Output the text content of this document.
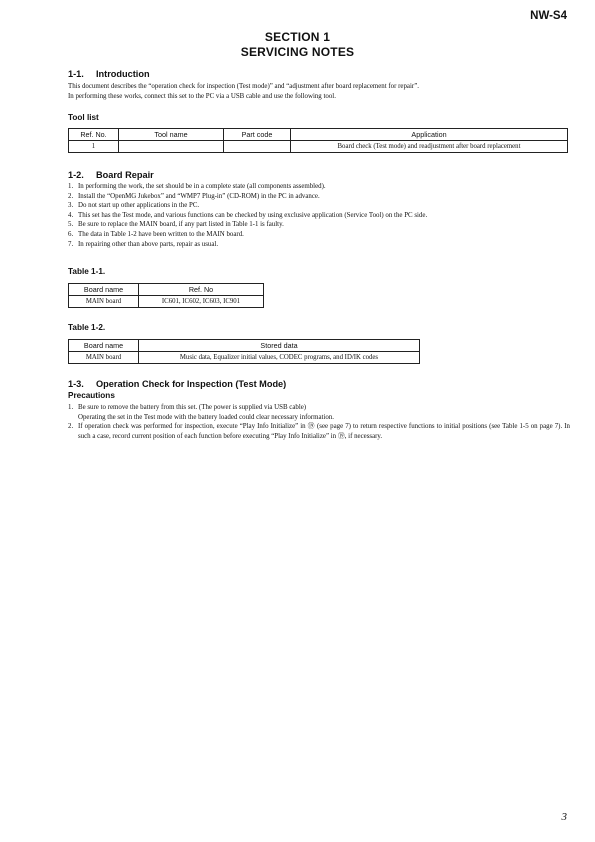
NW-S4
SECTION 1
SERVICING NOTES
1-1. Introduction
This document describes the “operation check for inspection (Test mode)” and “adjustment after board replacement for repair”.
In performing these works, connect this set to the PC via a USB cable and use the following tool.
Tool list
Ref. No.	Tool name	Part code	Application
1			Board check (Test mode) and readjustment after board replacement
1-2. Board Repair
1. In performing the work, the set should be in a complete state (all components assembled).
2. Install the “OpenMG Jukebox” and “WMP7 Plug-in” (CD-ROM) in the PC in advance.
3. Do not start up other applications in the PC.
4. This set has the Test mode, and various functions can be checked by using exclusive application (Service Tool) on the PC side.
5. Be sure to replace the MAIN board, if any part listed in Table 1-1 is faulty.
6. The data in Table 1-2 have been written to the MAIN board.
7. In repairing other than above parts, repair as usual.
Table 1-1.
Board name	Ref. No
MAIN board	IC601, IC602, IC603, IC901
Table 1-2.
Board name	Stored data
MAIN board	Music data, Equalizer initial values, CODEC programs, and ID/IK codes
1-3. Operation Check for Inspection (Test Mode)
Precautions
1. Be sure to remove the battery from this set. (The power is supplied via USB cable)
Operating the set in the Test mode with the battery loaded could clear necessary information.
2. If operation check was performed for inspection, execute “Play Info Initialize” in ⑲ (see page 7) to return respective functions to initial positions (see Table 1-5 on page 7). In such a case, record current position of each function before executing “Play Info Initialize” in ⑲, if necessary.
3
